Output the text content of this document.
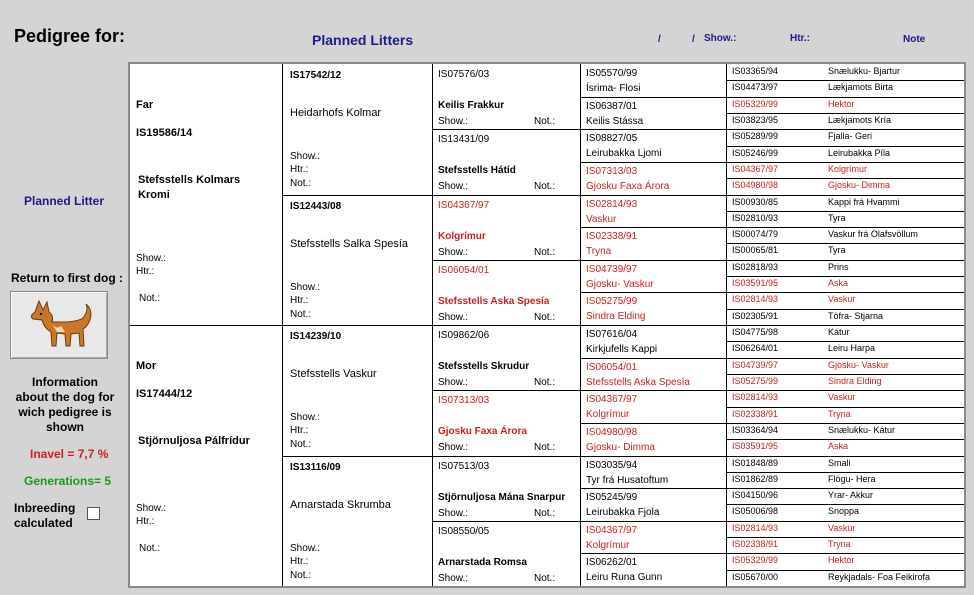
Pedigree for:	Planned Litters	/	/ Show.:	Htr.:	Note
Planned Litter
Return to first dog :
Information
about the dog for
wich pedigree is
shown
Inavel = 7,7 %
Generations= 5
Inbreeding
calculated
Far
IS19586/14
Stefsstells Kolmars
Kromi
Show.:
Htr.:
Not.:
Mor
IS17444/12
Stjörnuljosa Pálfrídur
Show.:
Htr.:
Not.:
IS17542/12
Heidarhofs Kolmar
Show.:
Htr.:
Not.:
IS12443/08
Stefsstells Salka Spesía
Show.:
Htr.:
Not.:
IS14239/10
Stefsstells Vaskur
Show.:
Htr.:
Not.:
IS13116/09
Arnarstada Skrumba
Show.:
Htr.:
Not.:
IS07576/03
Keilis Frakkur
Show.:	Not.:
IS13431/09
Stefsstells Hátíd
Show.:	Not.:
IS04367/97
Kolgrímur
Show.:	Not.:
IS06054/01
Stefsstells Aska Spesía
Show.:	Not.:
IS09862/06
Stefsstells Skrudur
Show.:	Not.:
IS07313/03
Gjosku Faxa Árora
Show.:	Not.:
IS07513/03
Stjörnuljosa Mána Snarpur
Show.:	Not.:
IS08550/05
Arnarstada Romsa
Show.:	Not.:
IS05570/99
Ísrima- Flosi
IS06387/01
Keilis Stássa
IS08827/05
Leirubakka Ljomi
IS07313/03
Gjosku Faxa Árora
IS02814/93
Vaskur
IS02338/91
Tryna
IS04739/97
Gjosku- Vaskur
IS05275/99
Sindra Elding
IS07616/04
Kirkjufells Kappi
IS06054/01
Stefsstells Aska Spesía
IS04367/97
Kolgrímur
IS04980/98
Gjosku- Dimma
IS03035/94
Tyr frá Husatoftum
IS05245/99
Leirubakka Fjola
IS04367/97
Kolgrímur
IS06262/01
Leiru Runa Gunn
IS03365/94	Snælukku- Bjartur
IS04473/97	Lækjamots Birta
IS05329/99	Hektor
IS03823/95	Lækjamots Kría
IS05289/99	Fjalla- Geri
IS05246/99	Leirubakka Píla
IS04367/97	Kolgrímur
IS04980/98	Gjosku- Dimma
IS00930/85	Kappi frá Hvammi
IS02810/93	Tyra
IS00074/79	Vaskur frá Olafsvöllum
IS00065/81	Tyra
IS02818/93	Prins
IS03591/95	Aska
IS02814/93	Vaskur
IS02305/91	Töfra- Stjarna
IS04775/98	Kátur
IS06264/01	Leiru Harpa
IS04739/97	Gjosku- Vaskur
IS05275/99	Sindra Elding
IS02814/93	Vaskur
IS02338/91	Tryna
IS03364/94	Snælukku- Kátur
IS03591/95	Aska
IS01848/89	Smali
IS01862/89	Flögu- Hera
IS04150/96	Yrar- Akkur
IS05006/98	Snoppa
IS02814/93	Vaskur
IS02338/91	Tryna
IS05329/99	Hektor
IS05670/00	Reykjadals- Foa Feikirofa
